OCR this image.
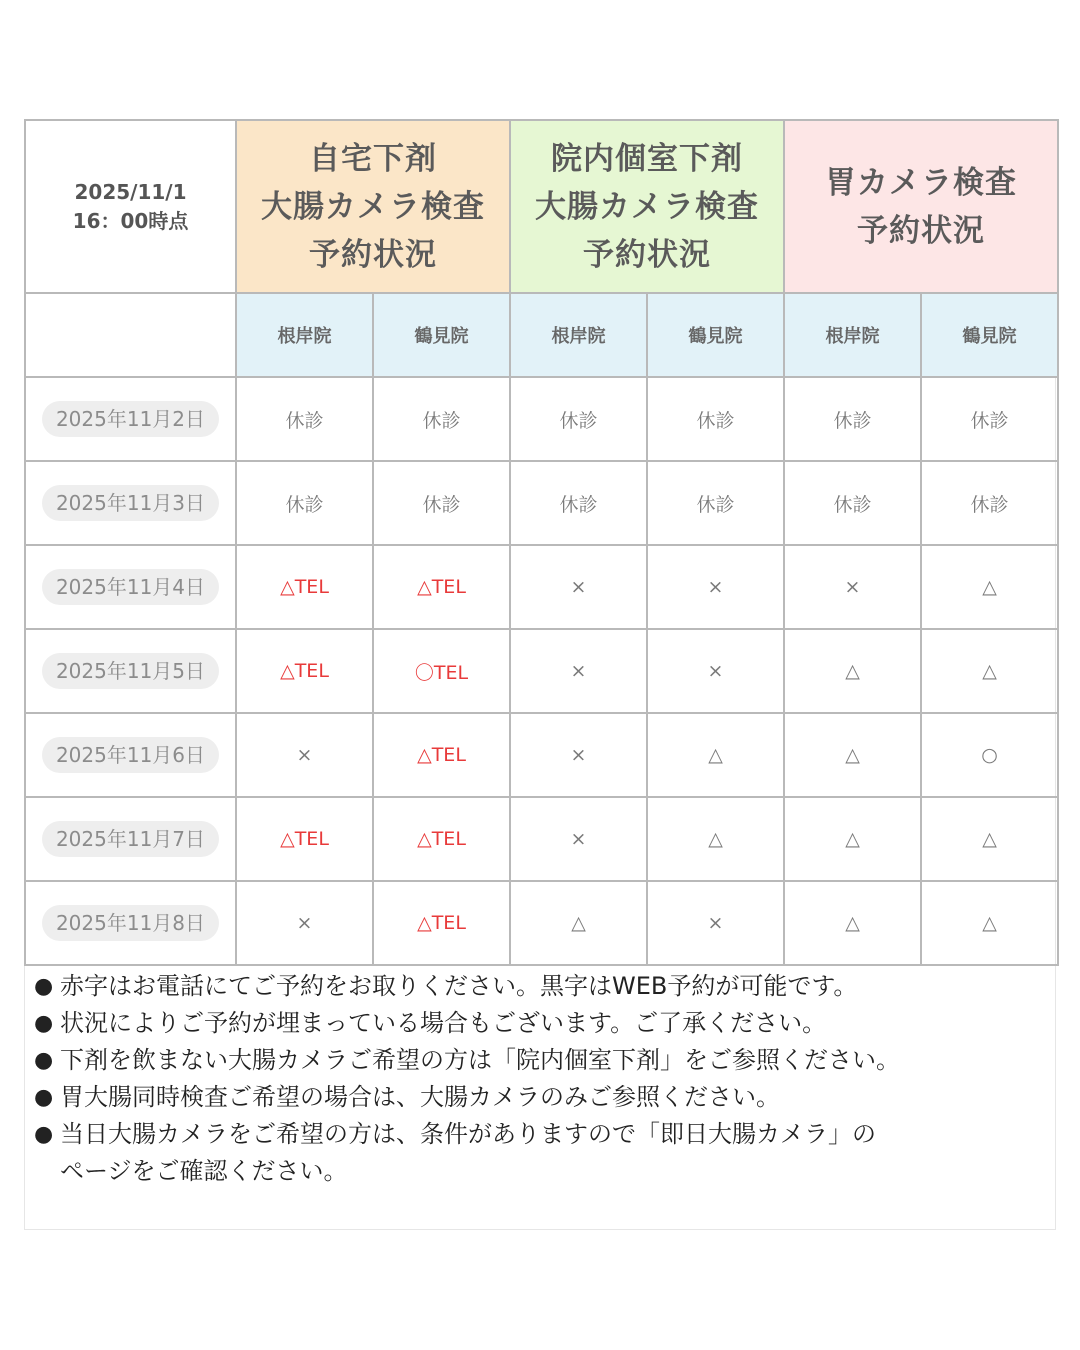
2025/11/1
16：00時点	自宅下剤
大腸カメラ検査
予約状況		院内個室下剤
大腸カメラ検査
予約状況		胃カメラ検査
予約状況	

	根岸院	鶴見院	根岸院	鶴見院	根岸院	鶴見院
2025年11月2日	休診	休診	休診	休診	休診	休診
2025年11月3日	休診	休診	休診	休診	休診	休診
2025年11月4日	△TEL	△TEL	×	×	×	△
2025年11月5日	△TEL	〇TEL	×	×	△	△
2025年11月6日	×	△TEL	×	△	△	○
2025年11月7日	△TEL	△TEL	×	△	△	△
2025年11月8日	×	△TEL	△	×	△	△
● 赤字はお電話にてご予約をお取りください。黒字はWEB予約が可能です。
● 状況によりご予約が埋まっている場合もございます。ご了承ください。
● 下剤を飲まない大腸カメラご希望の方は「院内個室下剤」をご参照ください。
● 胃大腸同時検査ご希望の場合は、大腸カメラのみご参照ください。
● 当日大腸カメラをご希望の方は、条件がありますので「即日大腸カメラ」の
ページをご確認ください。
